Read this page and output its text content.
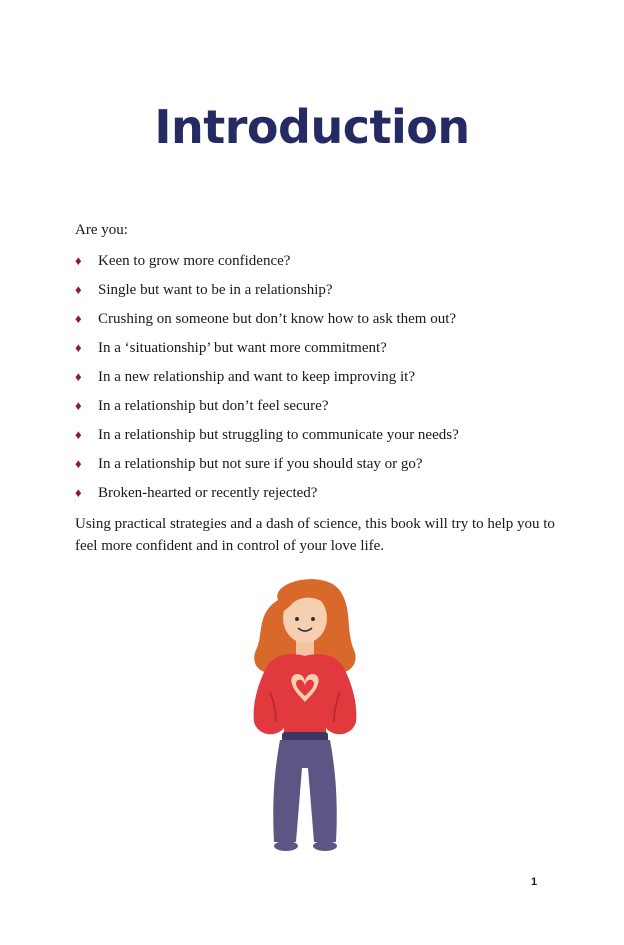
Introduction
Are you:
♦	Keen to grow more confidence?
♦	Single but want to be in a relationship?
♦	Crushing on someone but don’t know how to ask them out?
♦	In a ‘situationship’ but want more commitment?
♦	In a new relationship and want to keep improving it?
♦	In a relationship but don’t feel secure?
♦	In a relationship but struggling to communicate your needs?
♦	In a relationship but not sure if you should stay or go?
♦	Broken-hearted or recently rejected?

Using practical strategies and a dash of science, this book will try to help you to feel more confident and in control of your love life.

1
